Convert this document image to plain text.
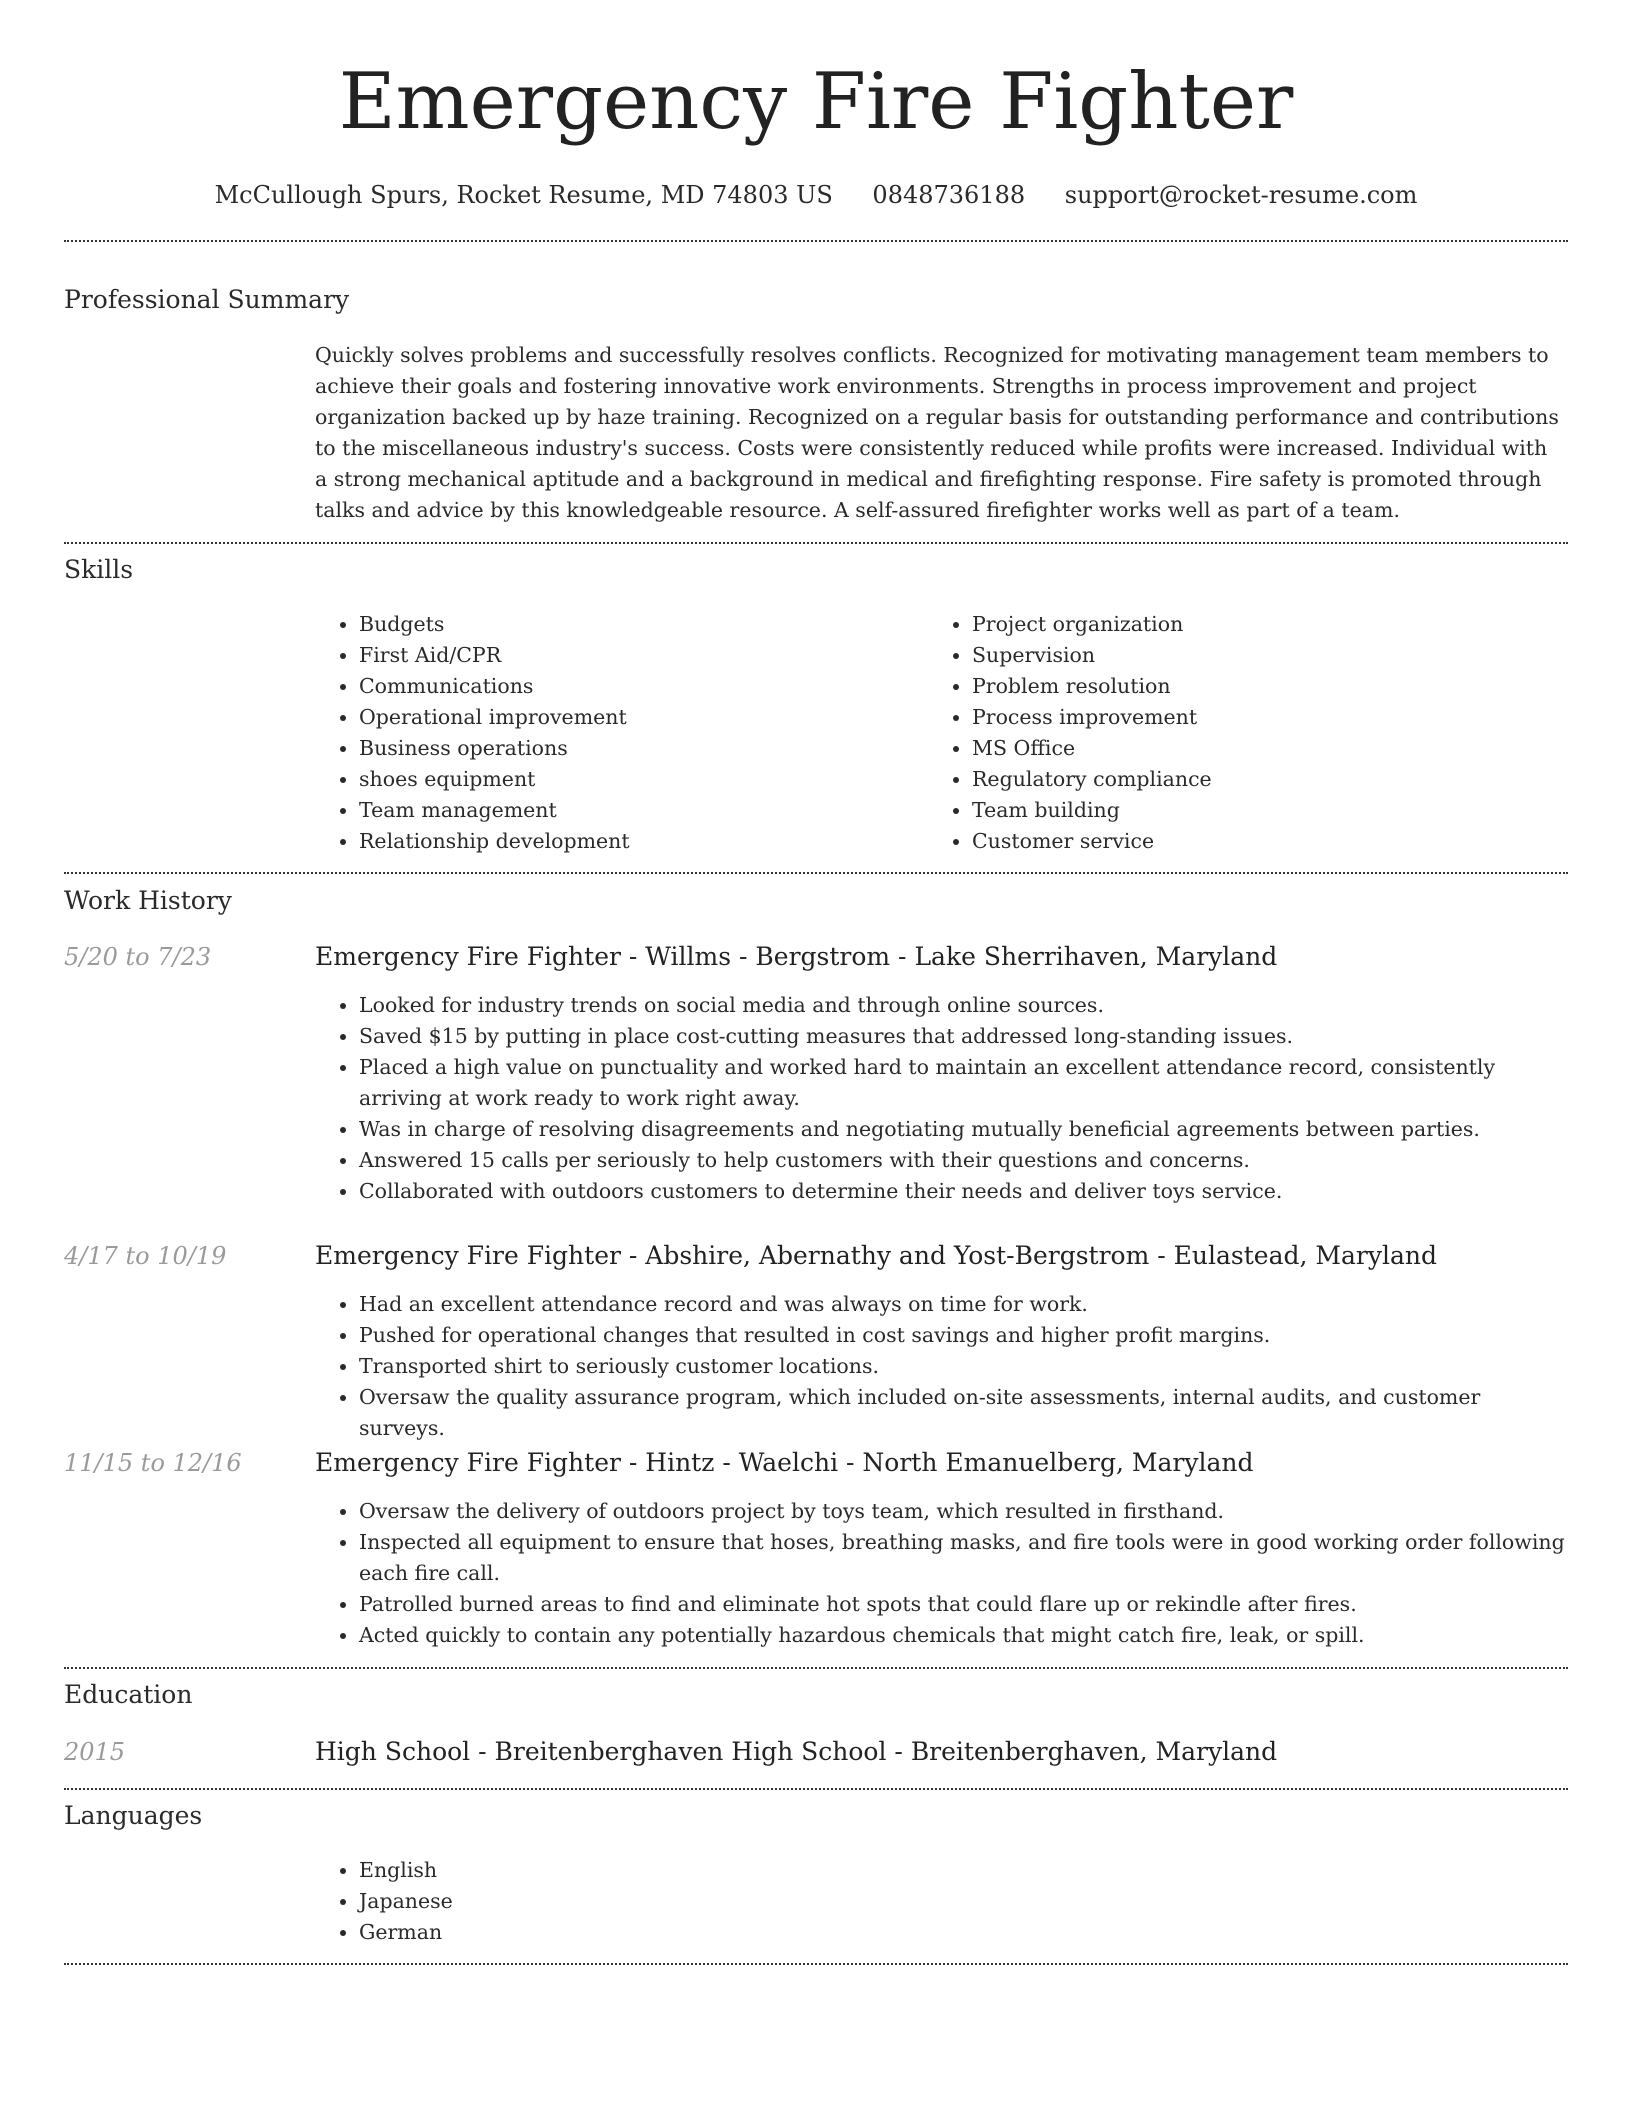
Emergency Fire Fighter
McCullough Spurs, Rocket Resume, MD 74803 US 0848736188 support@rocket-resume.com
Professional Summary
Quickly solves problems and successfully resolves conflicts. Recognized for motivating management team members to achieve their goals and fostering innovative work environments. Strengths in process improvement and project organization backed up by haze training. Recognized on a regular basis for outstanding performance and contributions to the miscellaneous industry's success. Costs were consistently reduced while profits were increased. Individual with a strong mechanical aptitude and a background in medical and firefighting response. Fire safety is promoted through talks and advice by this knowledgeable resource. A self-assured firefighter works well as part of a team.
Skills
• Budgets
• First Aid/CPR
• Communications
• Operational improvement
• Business operations
• shoes equipment
• Team management
• Relationship development
• Project organization
• Supervision
• Problem resolution
• Process improvement
• MS Office
• Regulatory compliance
• Team building
• Customer service
Work History
5/20 to 7/23	Emergency Fire Fighter - Willms - Bergstrom - Lake Sherrihaven, Maryland
• Looked for industry trends on social media and through online sources.
• Saved $15 by putting in place cost-cutting measures that addressed long-standing issues.
• Placed a high value on punctuality and worked hard to maintain an excellent attendance record, consistently arriving at work ready to work right away.
• Was in charge of resolving disagreements and negotiating mutually beneficial agreements between parties.
• Answered 15 calls per seriously to help customers with their questions and concerns.
• Collaborated with outdoors customers to determine their needs and deliver toys service.
4/17 to 10/19	Emergency Fire Fighter - Abshire, Abernathy and Yost-Bergstrom - Eulastead, Maryland
• Had an excellent attendance record and was always on time for work.
• Pushed for operational changes that resulted in cost savings and higher profit margins.
• Transported shirt to seriously customer locations.
• Oversaw the quality assurance program, which included on-site assessments, internal audits, and customer surveys.
11/15 to 12/16	Emergency Fire Fighter - Hintz - Waelchi - North Emanuelberg, Maryland
• Oversaw the delivery of outdoors project by toys team, which resulted in firsthand.
• Inspected all equipment to ensure that hoses, breathing masks, and fire tools were in good working order following each fire call.
• Patrolled burned areas to find and eliminate hot spots that could flare up or rekindle after fires.
• Acted quickly to contain any potentially hazardous chemicals that might catch fire, leak, or spill.
Education
2015	High School - Breitenberghaven High School - Breitenberghaven, Maryland
Languages
• English
• Japanese
• German
